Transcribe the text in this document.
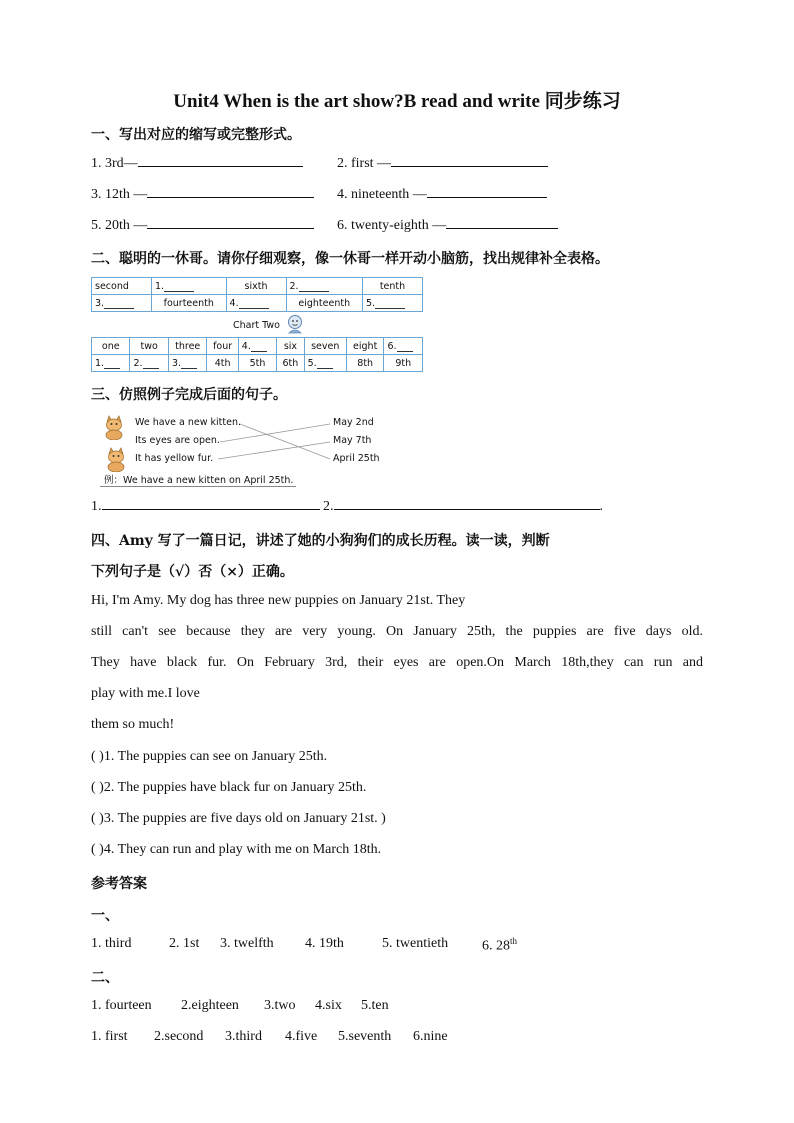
Unit4 When is the art show?B read and write 同步练习
一、写出对应的缩写或完整形式。
1. 3rd—	2. first —
3. 12th —	4. nineteenth —
5. 20th —	6. twenty-eighth —
二、聪明的一休哥。请你仔细观察，像一休哥一样开动小脑筋，找出规律补全表格。
second	1.	sixth	2.	tenth
3.	fourteenth	4.	eighteenth	5.
Chart Two
one	two	three	four	4.	six	seven	eight	6.
1.	2.	3.	4th	5th	6th	5.	8th	9th
三、仿照例子完成后面的句子。
We have a new kitten.
Its eyes are open.
It has yellow fur.
May 2nd
May 7th
April 25th
例：We have a new kitten on April 25th.
1.	2.	.
四、Amy 写了一篇日记，讲述了她的小狗狗们的成长历程。读一读，判断
下列句子是（√）否（×）正确。
Hi, I'm Amy. My dog has three new puppies on January 21st. They
still can't see because they are very young. On January 25th, the puppies are five days old.
They have black fur. On February 3rd, their eyes are open.On March 18th,they can run and
play with me.I love
them so much!
( )1. The puppies can see on January 25th.
( )2. The puppies have black fur on January 25th.
( )3. The puppies are five days old on January 21st. )
( )4. They can run and play with me on March 18th.
参考答案
一、
1. third	2. 1st 3. twelfth 4. 19th	5. twentieth 6. 28th
二、
1. fourteen 2.eighteen 3.two 4.six 5.ten
1. first 2.second 3.third 4.five 5.seventh 6.nine
